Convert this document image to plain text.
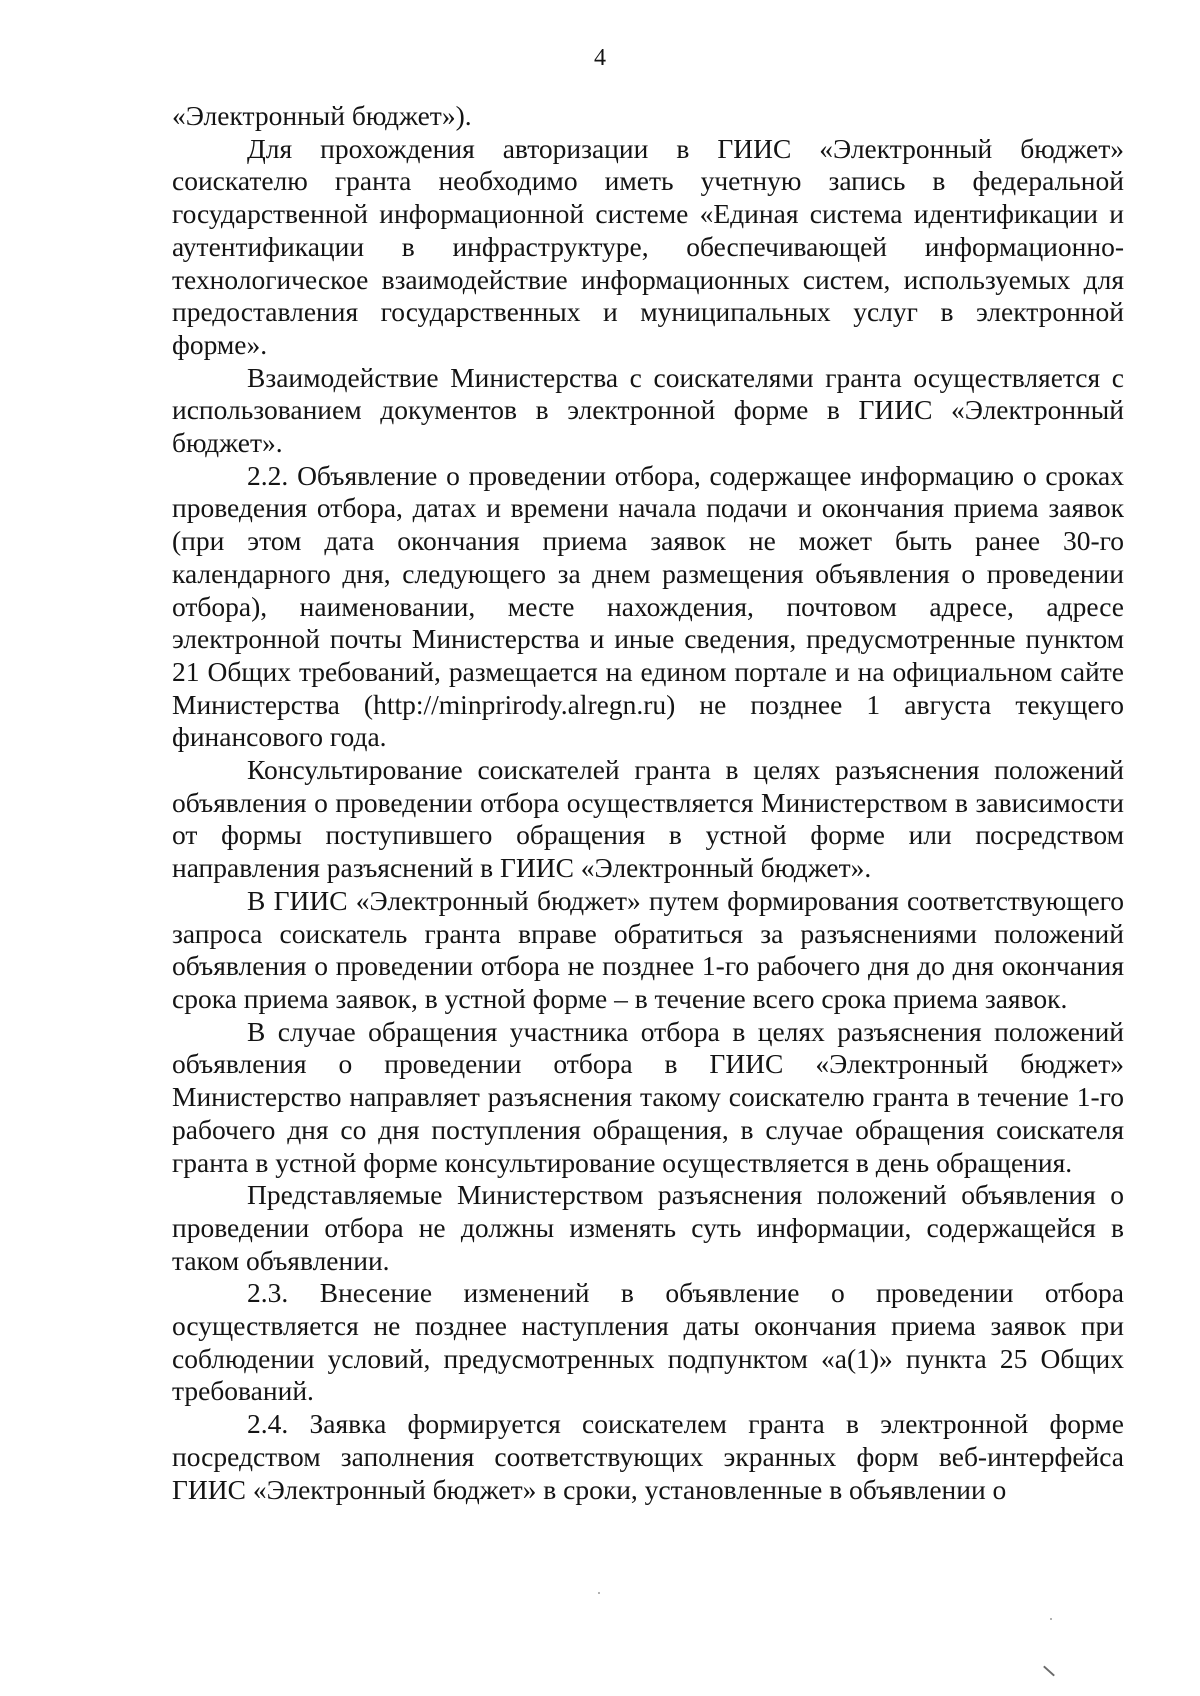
4

«Электронный бюджет»).

Для прохождения авторизации в ГИИС «Электронный бюджет» соискателю гранта необходимо иметь учетную запись в федеральной государственной информационной системе «Единая система идентификации и аутентификации в инфраструктуре, обеспечивающей информационно-технологическое взаимодействие информационных систем, используемых для предоставления государственных и муниципальных услуг в электронной форме».

Взаимодействие Министерства с соискателями гранта осуществляется с использованием документов в электронной форме в ГИИС «Электронный бюджет».

2.2. Объявление о проведении отбора, содержащее информацию о сроках проведения отбора, датах и времени начала подачи и окончания приема заявок (при этом дата окончания приема заявок не может быть ранее 30-го календарного дня, следующего за днем размещения объявления о проведении отбора), наименовании, месте нахождения, почтовом адресе, адресе электронной почты Министерства и иные сведения, предусмотренные пунктом 21 Общих требований, размещается на едином портале и на официальном сайте Министерства (http://minprirody.alregn.ru) не позднее 1 августа текущего финансового года.

Консультирование соискателей гранта в целях разъяснения положений объявления о проведении отбора осуществляется Министерством в зависимости от формы поступившего обращения в устной форме или посредством направления разъяснений в ГИИС «Электронный бюджет».

В ГИИС «Электронный бюджет» путем формирования соответствующего запроса соискатель гранта вправе обратиться за разъяснениями положений объявления о проведении отбора не позднее 1-го рабочего дня до дня окончания срока приема заявок, в устной форме – в течение всего срока приема заявок.

В случае обращения участника отбора в целях разъяснения положений объявления о проведении отбора в ГИИС «Электронный бюджет» Министерство направляет разъяснения такому соискателю гранта в течение 1-го рабочего дня со дня поступления обращения, в случае обращения соискателя гранта в устной форме консультирование осуществляется в день обращения.

Представляемые Министерством разъяснения положений объявления о проведении отбора не должны изменять суть информации, содержащейся в таком объявлении.

2.3. Внесение изменений в объявление о проведении отбора осуществляется не позднее наступления даты окончания приема заявок при соблюдении условий, предусмотренных подпунктом «а(1)» пункта 25 Общих требований.

2.4. Заявка формируется соискателем гранта в электронной форме посредством заполнения соответствующих экранных форм веб-интерфейса ГИИС «Электронный бюджет» в сроки, установленные в объявлении о
